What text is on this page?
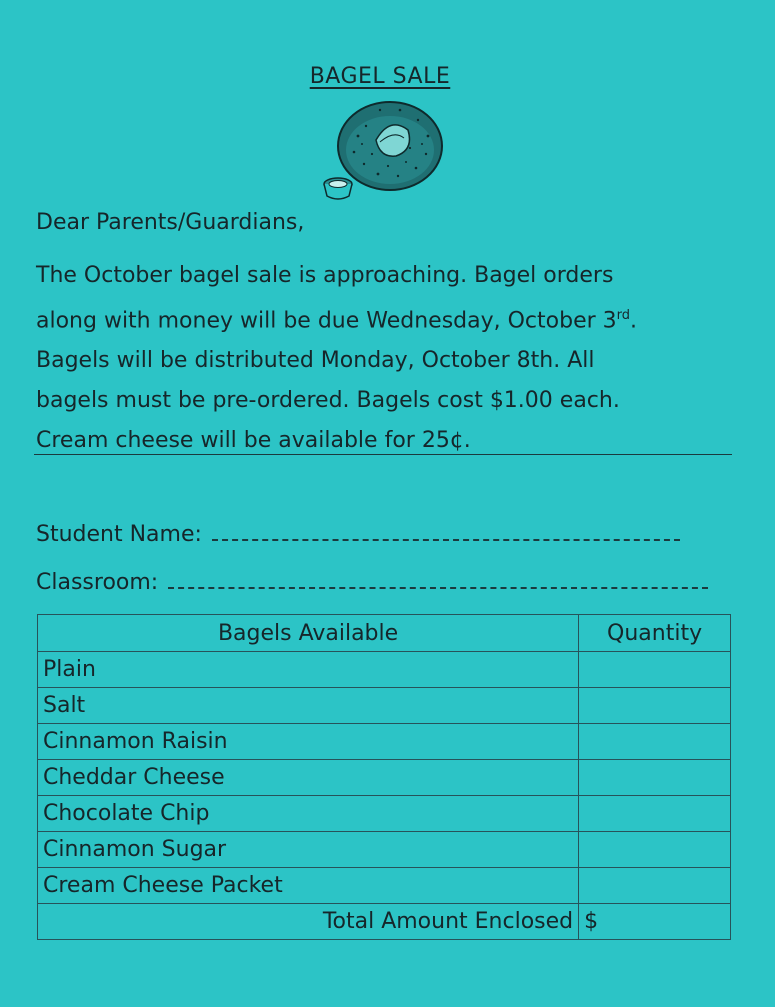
BAGEL SALE
Dear Parents/Guardians,
The October bagel sale is approaching. Bagel orders
along with money will be due Wednesday, October 3rd.
Bagels will be distributed Monday, October 8th. All
bagels must be pre-ordered. Bagels cost $1.00 each.
Cream cheese will be available for 25¢.
Student Name:
Classroom:
Bagels Available	Quantity
Plain	
Salt	
Cinnamon Raisin	
Cheddar Cheese	
Chocolate Chip	
Cinnamon Sugar	
Cream Cheese Packet	
Total Amount Enclosed	$
